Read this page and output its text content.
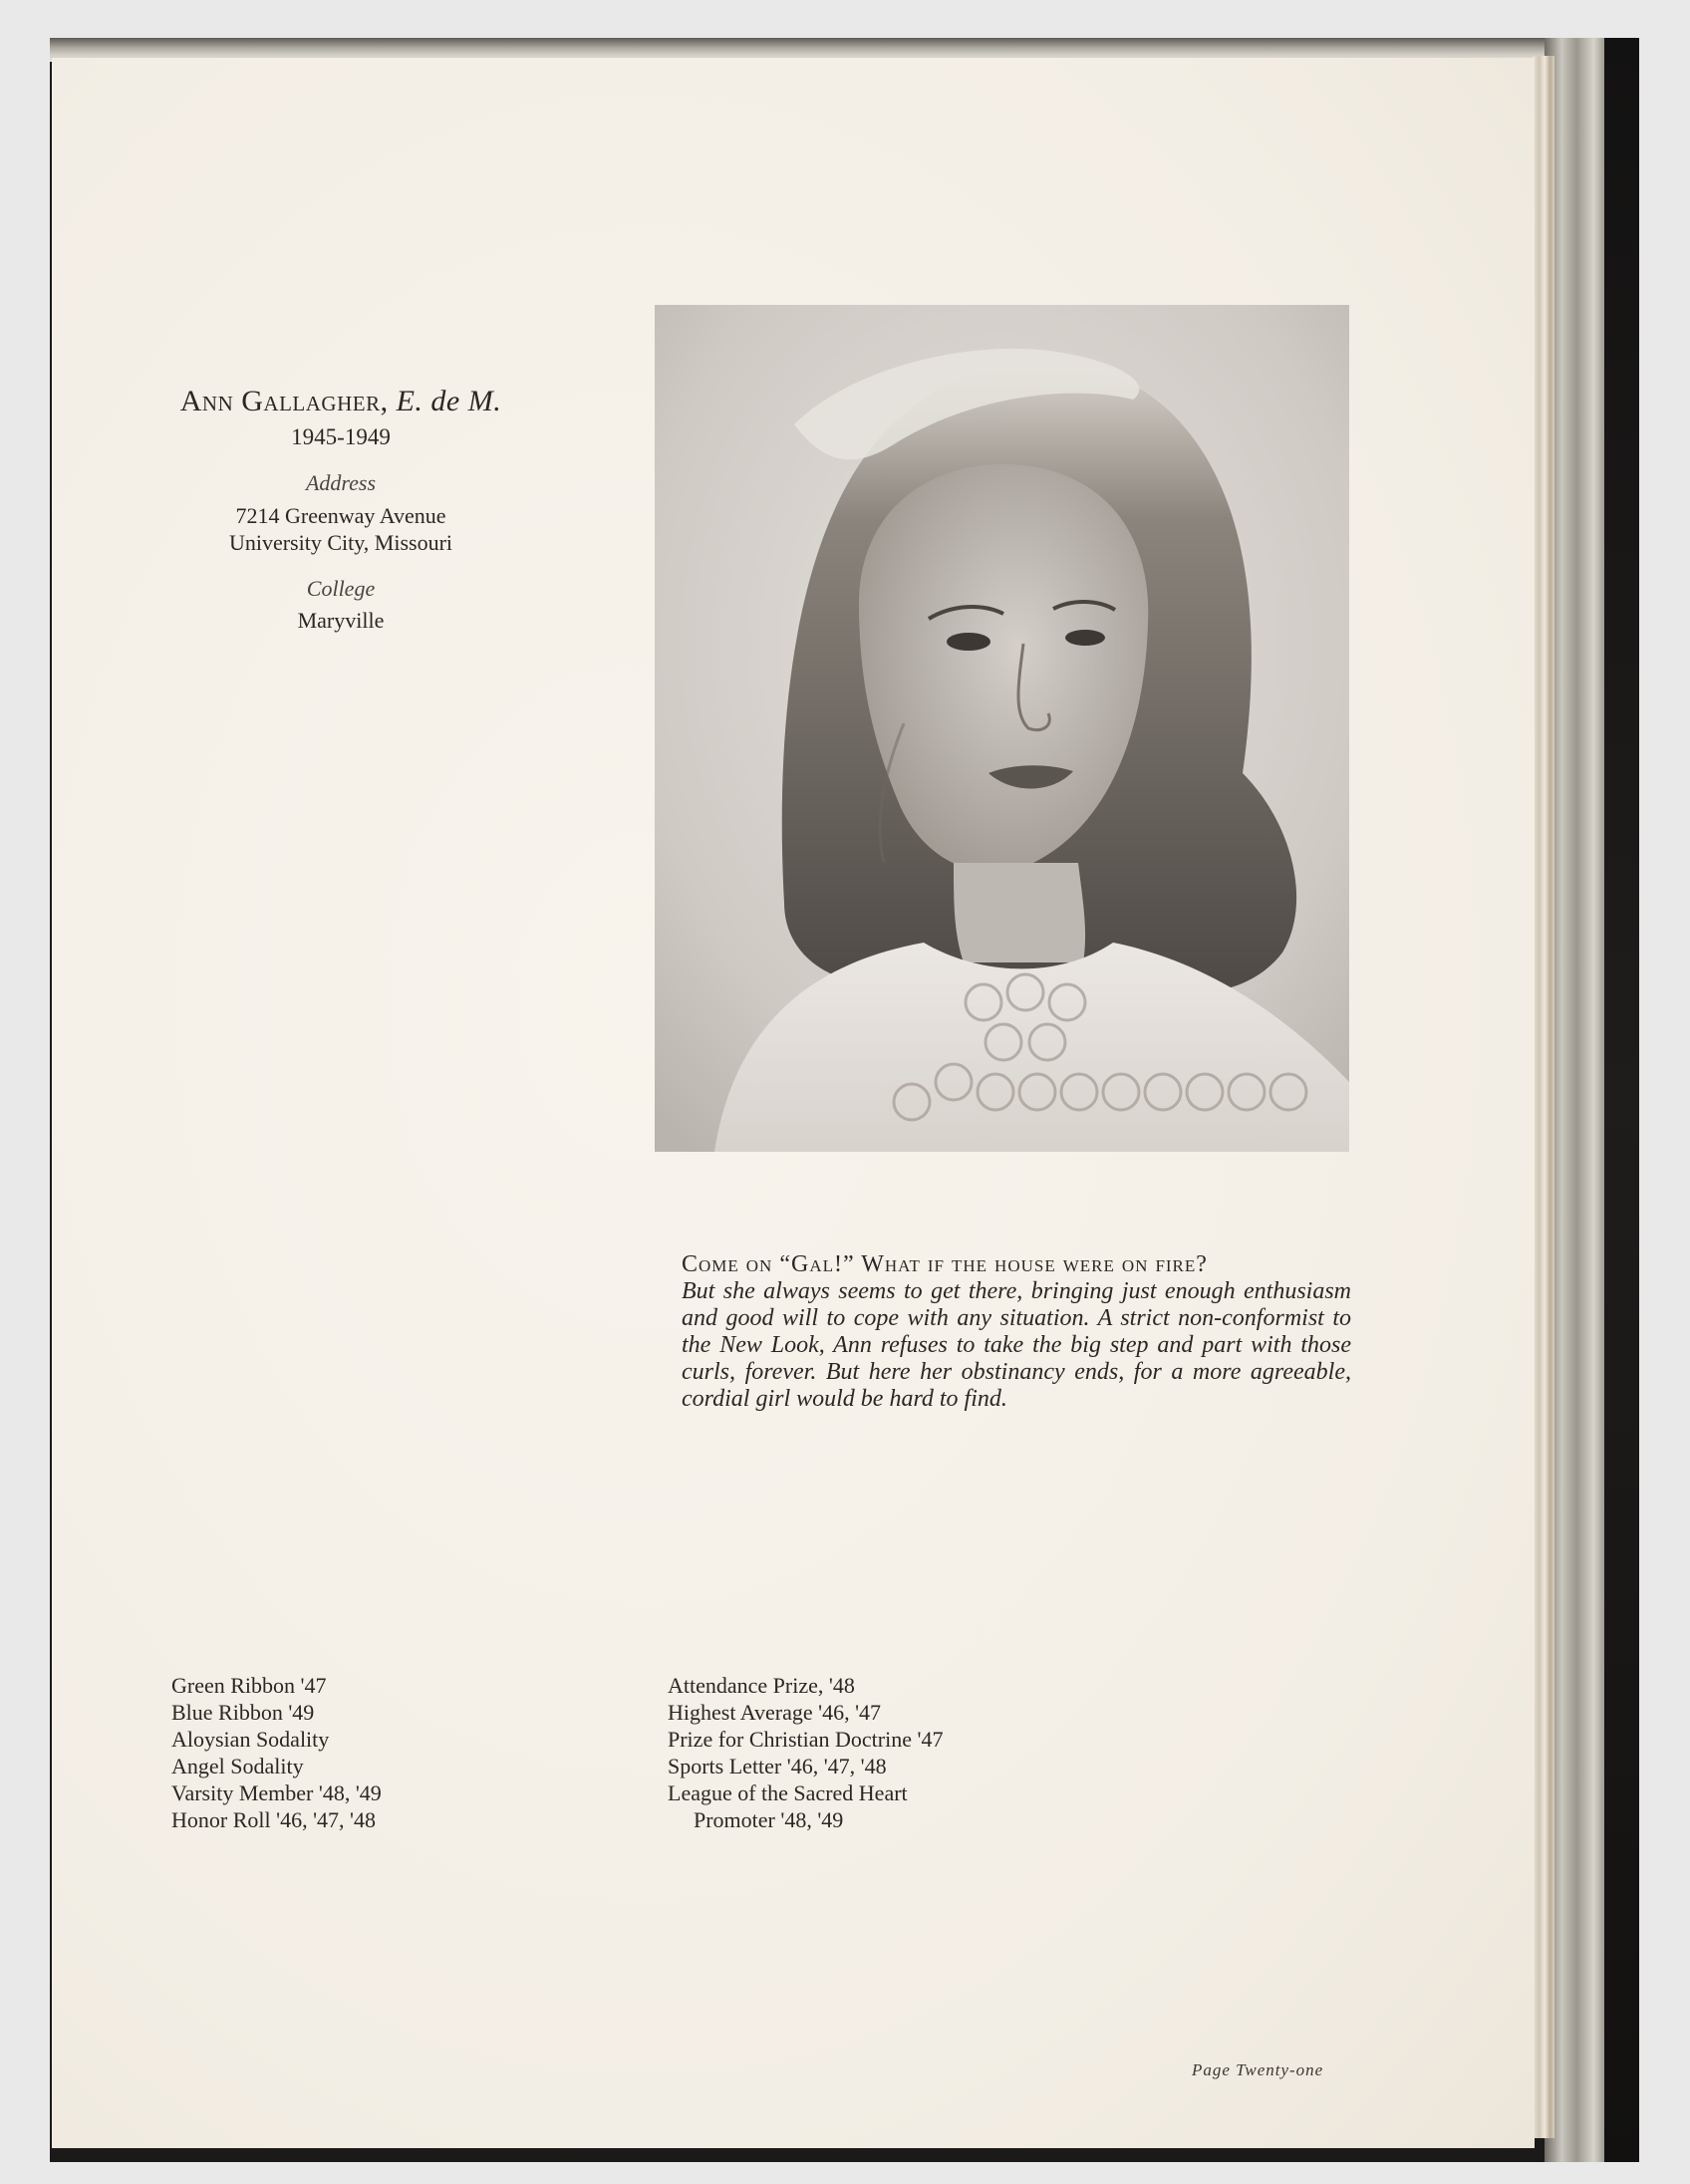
Ann Gallagher, E. de M.
1945-1949
Address
7214 Greenway Avenue
University City, Missouri
College
Maryville
Come on “Gal!” What if the house were on fire?
But she always seems to get there, bringing just enough enthusiasm and good will to cope with any situation. A strict non-conformist to the New Look, Ann refuses to take the big step and part with those curls, forever. But here her obstinancy ends, for a more agreeable, cordial girl would be hard to find.
Green Ribbon '47
Blue Ribbon '49
Aloysian Sodality
Angel Sodality
Varsity Member '48, '49
Honor Roll '46, '47, '48
Attendance Prize, '48
Highest Average '46, '47
Prize for Christian Doctrine '47
Sports Letter '46, '47, '48
League of the Sacred Heart
Promoter '48, '49
Page Twenty-one
